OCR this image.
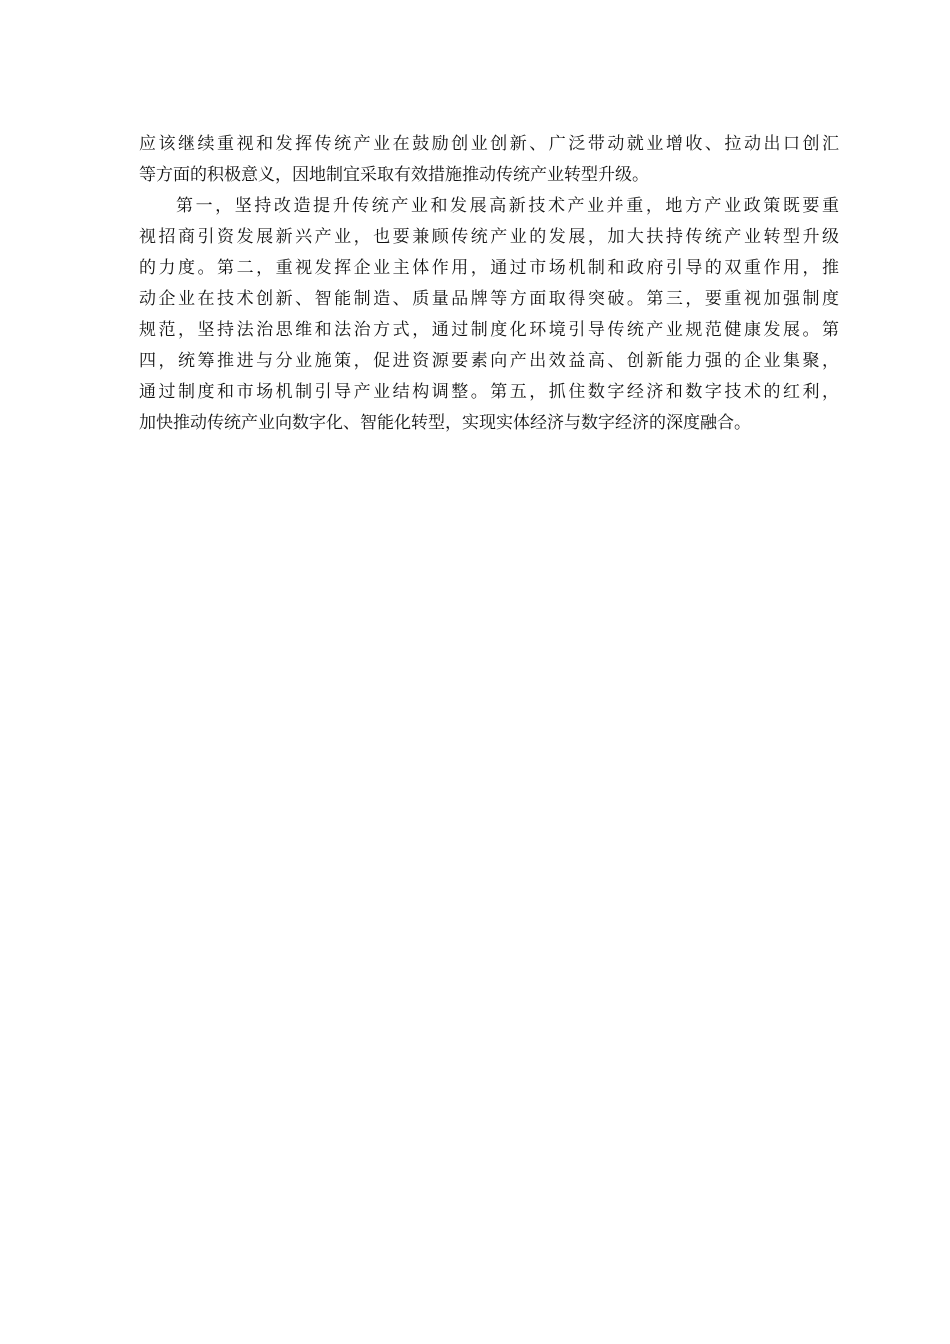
应该继续重视和发挥传统产业在鼓励创业创新、广泛带动就业增收、拉动出口创汇
等方面的积极意义，因地制宜采取有效措施推动传统产业转型升级。
第一，坚持改造提升传统产业和发展高新技术产业并重，地方产业政策既要重
视招商引资发展新兴产业，也要兼顾传统产业的发展，加大扶持传统产业转型升级
的力度。第二，重视发挥企业主体作用，通过市场机制和政府引导的双重作用，推
动企业在技术创新、智能制造、质量品牌等方面取得突破。第三，要重视加强制度
规范，坚持法治思维和法治方式，通过制度化环境引导传统产业规范健康发展。第
四，统筹推进与分业施策，促进资源要素向产出效益高、创新能力强的企业集聚，
通过制度和市场机制引导产业结构调整。第五，抓住数字经济和数字技术的红利，
加快推动传统产业向数字化、智能化转型，实现实体经济与数字经济的深度融合。
